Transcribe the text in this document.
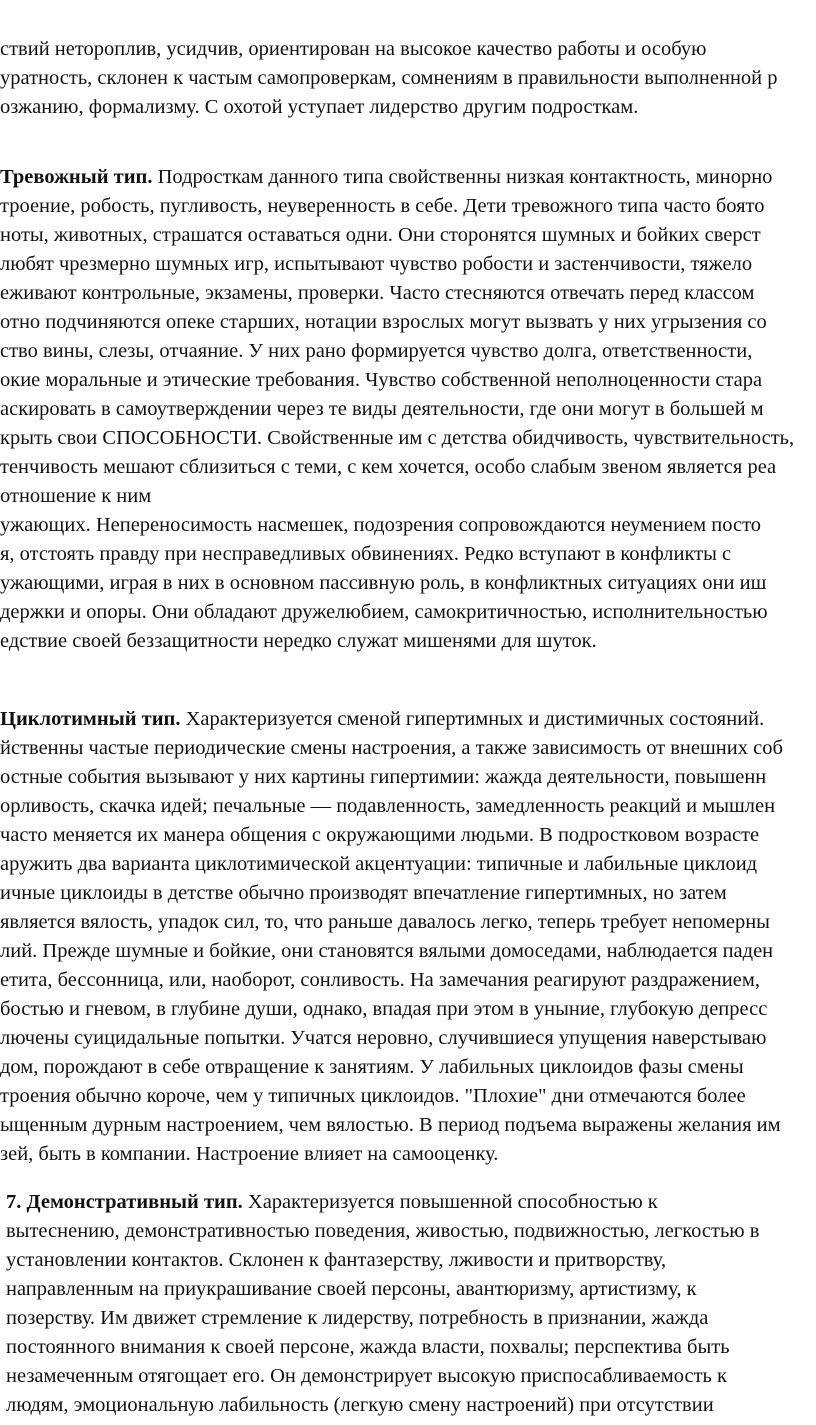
ствий нетороплив, усидчив, ориентирован на высокое качество работы и особую
уратность, склонен к частым самопроверкам, сомнениям в правильности выполненной р
озжанию, формализму. С охотой уступает лидерство другим подросткам.
Тревожный тип. Подросткам данного типа свойственны низкая контактность, минорно
троение, робость, пугливость, неуверенность в себе. Дети тревожного типа часто боято
ноты, животных, страшатся оставаться одни. Они сторонятся шумных и бойких сверст
любят чрезмерно шумных игр, испытывают чувство робости и застенчивости, тяжело
еживают контрольные, экзамены, проверки. Часто стесняются отвечать перед классом
отно подчиняются опеке старших, нотации взрослых могут вызвать у них угрызения со
ство вины, слезы, отчаяние. У них рано формируется чувство долга, ответственности,
окие моральные и этические требования. Чувство собственной неполноценности стара
аскировать в самоутверждении через те виды деятельности, где они могут в большей м
крыть свои СПОСОБНОСТИ. Свойственные им с детства обидчивость, чувствительность,
тенчивость мешают сблизиться с теми, с кем хочется, особо слабым звеном является реа
отношение к ним
ужающих. Непереносимость насмешек, подозрения сопровождаются неумением посто
я, отстоять правду при несправедливых обвинениях. Редко вступают в конфликты с
ужающими, играя в них в основном пассивную роль, в конфликтных ситуациях они иш
держки и опоры. Они обладают дружелюбием, самокритичностью, исполнительностью
едствие своей беззащитности нередко служат мишенями для шуток.
Циклотимный тип. Характеризуется сменой гипертимных и дистимичных состояний.
йственны частые периодические смены настроения, а также зависимость от внешних соб
остные события вызывают у них картины гипертимии: жажда деятельности, повышенн
орливость, скачка идей; печальные — подавленность, замедленность реакций и мышлен
часто меняется их манера общения с окружающими людьми. В подростковом возрасте
аружить два варианта циклотимической акцентуации: типичные и лабильные циклоид
ичные циклоиды в детстве обычно производят впечатление гипертимных, но затем
является вялость, упадок сил, то, что раньше давалось легко, теперь требует непомерны
лий. Прежде шумные и бойкие, они становятся вялыми домоседами, наблюдается паден
етита, бессонница, или, наоборот, сонливость. На замечания реагируют раздражением,
бостью и гневом, в глубине души, однако, впадая при этом в уныние, глубокую депресс
лючены суицидальные попытки. Учатся неровно, случившиеся упущения наверстываю
дом, порождают в себе отвращение к занятиям. У лабильных циклоидов фазы смены
троения обычно короче, чем у типичных циклоидов. "Плохие" дни отмечаются более
ыщенным дурным настроением, чем вялостью. В период подъема выражены желания им
зей, быть в компании. Настроение влияет на самооценку.
7. Демонстративный тип. Характеризуется повышенной способностью к
вытеснению, демонстративностью поведения, живостью, подвижностью, легкостью в
установлении контактов. Склонен к фантазерству, лживости и притворству,
направленным на приукрашивание своей персоны, авантюризму, артистизму, к
позерству. Им движет стремление к лидерству, потребность в признании, жажда
постоянного внимания к своей персоне, жажда власти, похвалы; перспектива быть
незамеченным отягощает его. Он демонстрирует высокую приспосабливаемость к
людям, эмоциональную лабильность (легкую смену настроений) при отсутствии
